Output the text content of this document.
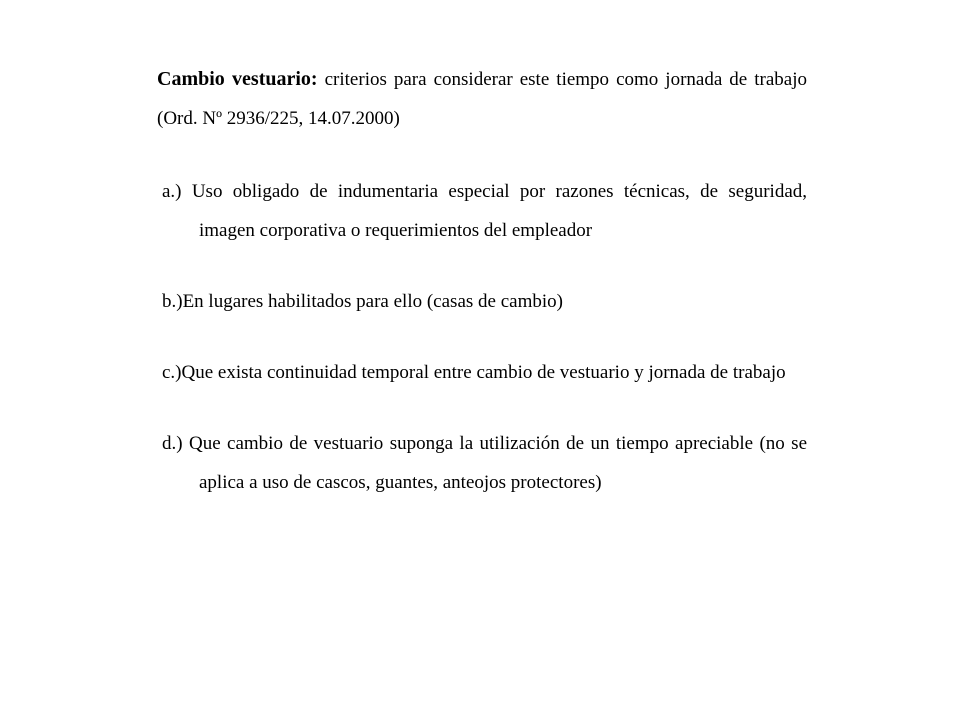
Cambio vestuario: criterios para considerar este tiempo como jornada de trabajo (Ord. Nº 2936/225, 14.07.2000)

a.) Uso obligado de indumentaria especial por razones técnicas, de seguridad, imagen corporativa o requerimientos del empleador
b.)En lugares habilitados para ello (casas de cambio)
c.)Que exista continuidad temporal entre cambio de vestuario y jornada de trabajo
d.) Que cambio de vestuario suponga la utilización de un tiempo apreciable (no se aplica a uso de cascos, guantes, anteojos protectores)
